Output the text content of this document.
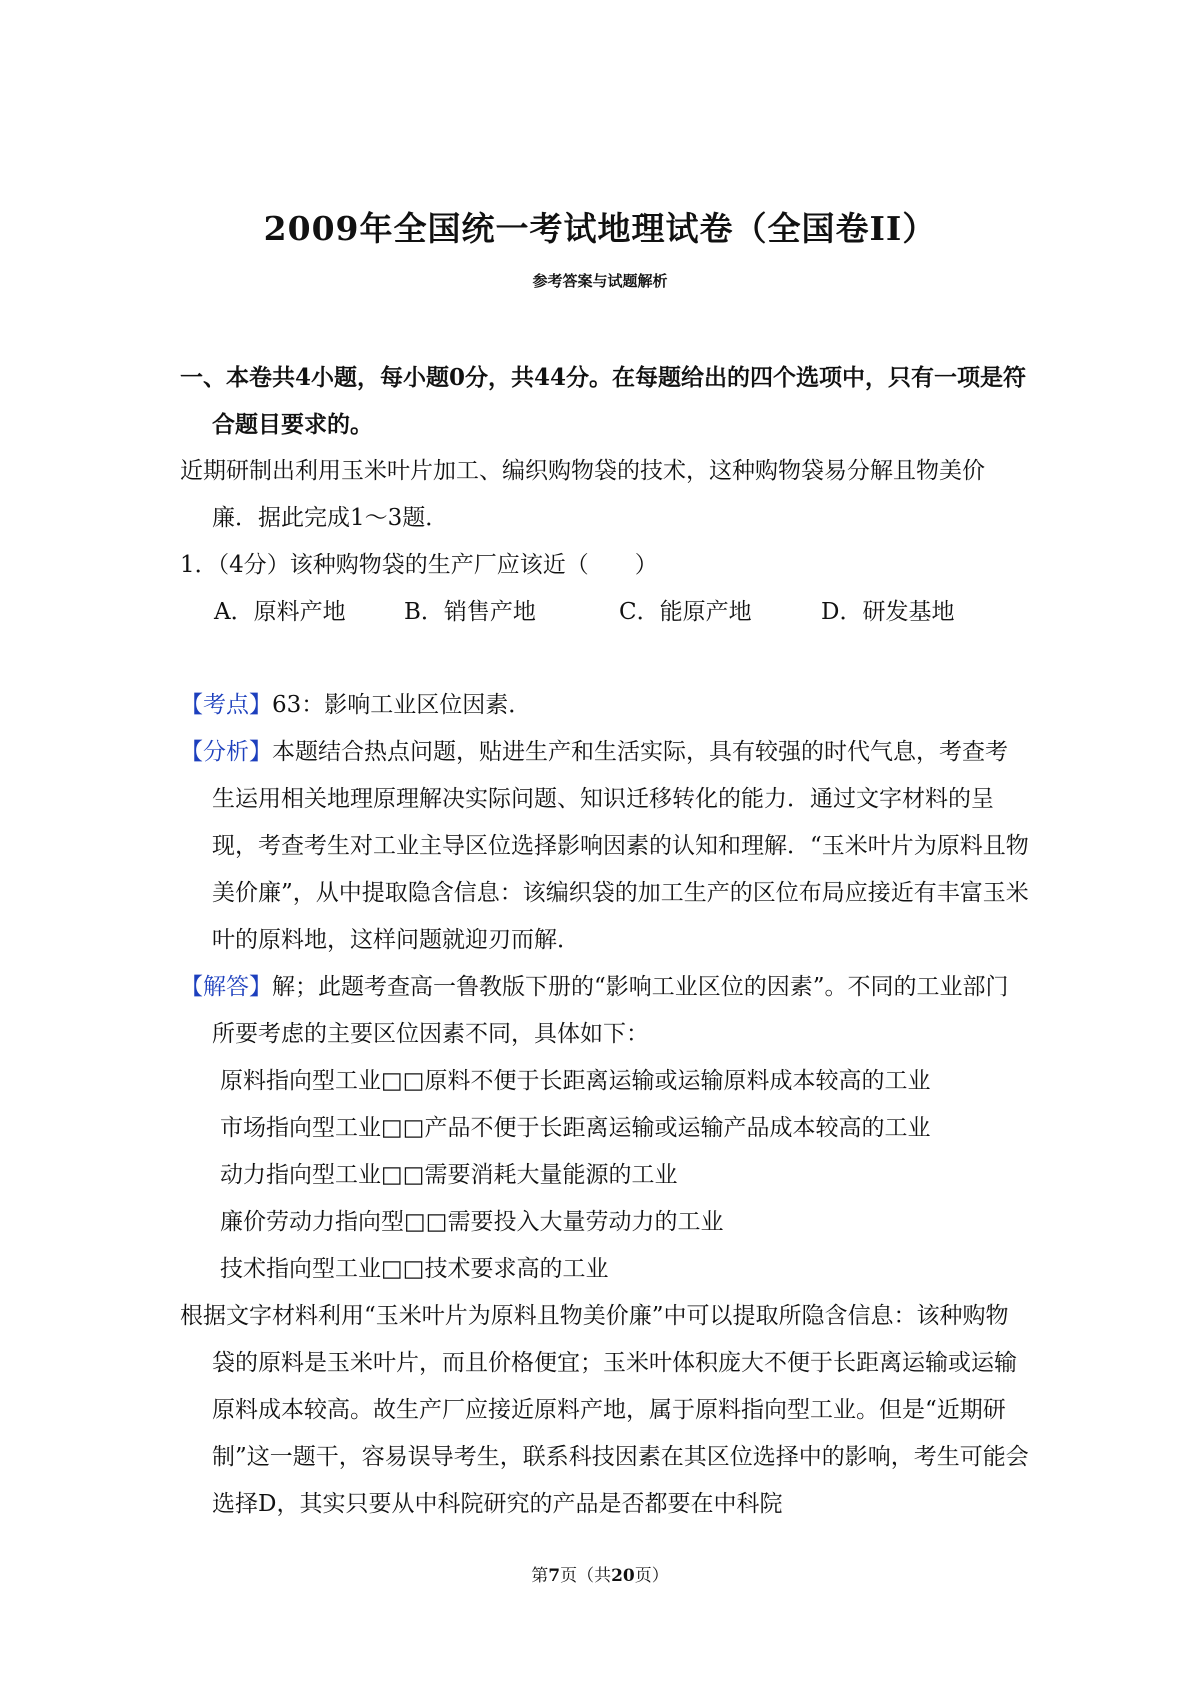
2009年全国统一考试地理试卷（全国卷II）
参考答案与试题解析
一、本卷共4小题，每小题0分，共44分。在每题给出的四个选项中，只有一项是符合题目要求的。
近期研制出利用玉米叶片加工、编织购物袋的技术，这种购物袋易分解且物美价廉．据此完成1～3题．
1．（4分）该种购物袋的生产厂应该近（　　）
A．原料产地	B．销售产地	C．能原产地	D．研发基地
【考点】63：影响工业区位因素．
【分析】本题结合热点问题，贴进生产和生活实际，具有较强的时代气息，考查考生运用相关地理原理解决实际问题、知识迁移转化的能力．通过文字材料的呈现，考查考生对工业主导区位选择影响因素的认知和理解．“玉米叶片为原料且物美价廉”，从中提取隐含信息：该编织袋的加工生产的区位布局应接近有丰富玉米叶的原料地，这样问题就迎刃而解．
【解答】解；此题考查高一鲁教版下册的“影响工业区位的因素”。不同的工业部门所要考虑的主要区位因素不同，具体如下：
原料指向型工业□□原料不便于长距离运输或运输原料成本较高的工业
市场指向型工业□□产品不便于长距离运输或运输产品成本较高的工业
动力指向型工业□□需要消耗大量能源的工业
廉价劳动力指向型□□需要投入大量劳动力的工业
技术指向型工业□□技术要求高的工业
根据文字材料利用“玉米叶片为原料且物美价廉”中可以提取所隐含信息：该种购物袋的原料是玉米叶片，而且价格便宜；玉米叶体积庞大不便于长距离运输或运输原料成本较高。故生产厂应接近原料产地，属于原料指向型工业。但是“近期研制”这一题干，容易误导考生，联系科技因素在其区位选择中的影响，考生可能会选择D，其实只要从中科院研究的产品是否都要在中科院
第7页（共20页）
